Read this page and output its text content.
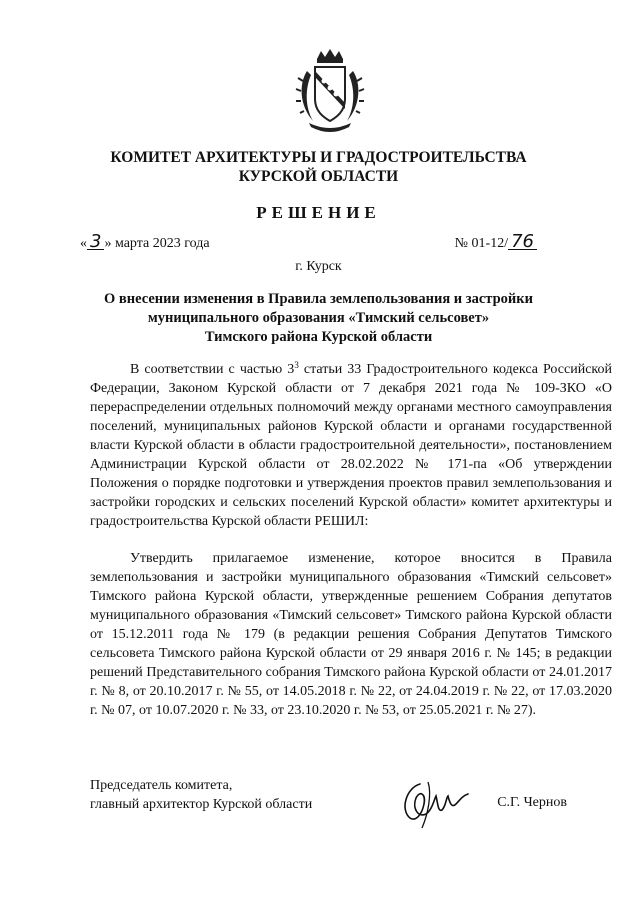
КОМИТЕТ АРХИТЕКТУРЫ И ГРАДОСТРОИТЕЛЬСТВА
КУРСКОЙ ОБЛАСТИ
РЕШЕНИЕ
« 3 » марта 2023 года	№ 01-12/ 76
г. Курск
О внесении изменения в Правила землепользования и застройки
муниципального образования «Тимский сельсовет»
Тимского района Курской области
В соответствии с частью $3^3$ статьи 33 Градостроительного кодекса Российской Федерации, Законом Курской области от 7 декабря 2021 года № 109-ЗКО «О перераспределении отдельных полномочий между органами местного самоуправления поселений, муниципальных районов Курской области и органами государственной власти Курской области в области градостроительной деятельности», постановлением Администрации Курской области от 28.02.2022 № 171-па «Об утверждении Положения о порядке подготовки и утверждения проектов правил землепользования и застройки городских и сельских поселений Курской области» комитет архитектуры и градостроительства Курской области РЕШИЛ:
Утвердить прилагаемое изменение, которое вносится в Правила землепользования и застройки муниципального образования «Тимский сельсовет» Тимского района Курской области, утвержденные решением Собрания депутатов муниципального образования «Тимский сельсовет» Тимского района Курской области от 15.12.2011 года № 179 (в редакции решения Собрания Депутатов Тимского сельсовета Тимского района Курской области от 29 января 2016 г. № 145; в редакции решений Представительного собрания Тимского района Курской области от 24.01.2017 г. № 8, от 20.10.2017 г. № 55, от 14.05.2018 г. № 22, от 24.04.2019 г. № 22, от 17.03.2020 г. № 07, от 10.07.2020 г. № 33, от 23.10.2020 г. № 53, от 25.05.2021 г. № 27).
Председатель комитета,
главный архитектор Курской области	С.Г. Чернов
